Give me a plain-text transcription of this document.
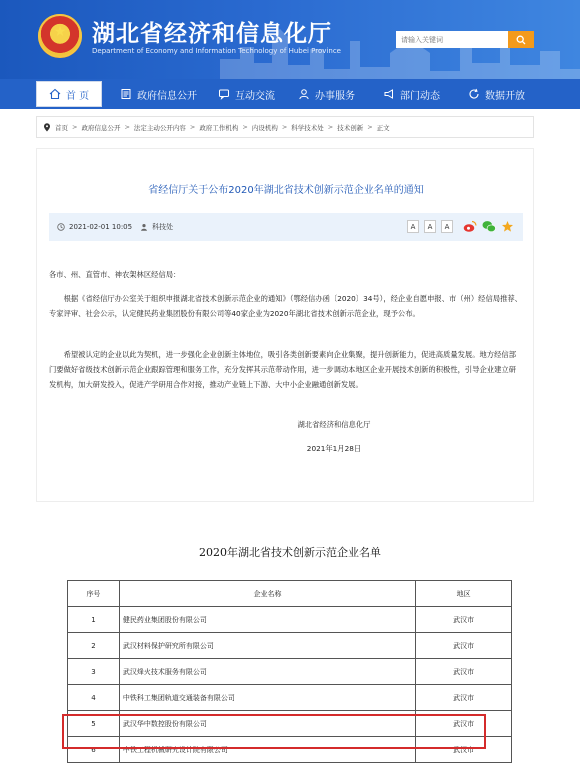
★
湖北省经济和信息化厅
Department of Economy and Information Technology of Hubei Province
请输入关键词
首 页	政府信息公开	互动交流	办事服务	部门动态	数据开放
首页 > 政府信息公开 > 法定主动公开内容 > 政府工作机构 > 内设机构 > 科学技术处 > 技术创新 > 正文
省经信厅关于公布2020年湖北省技术创新示范企业名单的通知
2021-02-01 10:05	科技处	A	A	A
各市、州、直管市、神农架林区经信局：
根据《省经信厅办公室关于组织申报湖北省技术创新示范企业的通知》（鄂经信办函〔2020〕34号），经企业自愿申报、市（州）经信局推荐、专家评审、社会公示，认定健民药业集团股份有限公司等40家企业为2020年湖北省技术创新示范企业，现予公布。
希望被认定的企业以此为契机，进一步强化企业创新主体地位，吸引各类创新要素向企业集聚，提升创新能力，促进高质量发展。地方经信部门要做好省级技术创新示范企业跟踪管理和服务工作，充分发挥其示范带动作用，进一步调动本地区企业开展技术创新的积极性，引导企业建立研发机构，加大研发投入，促进产学研用合作对接，推动产业链上下游、大中小企业融通创新发展。
湖北省经济和信息化厅
2021年1月28日
2020年湖北省技术创新示范企业名单
序号	企业名称	地区
1	健民药业集团股份有限公司	武汉市
2	武汉材料保护研究所有限公司	武汉市
3	武汉烽火技术服务有限公司	武汉市
4	中铁科工集团轨道交通装备有限公司	武汉市
5	武汉华中数控股份有限公司	武汉市
6	中铁工程机械研究设计院有限公司	武汉市
